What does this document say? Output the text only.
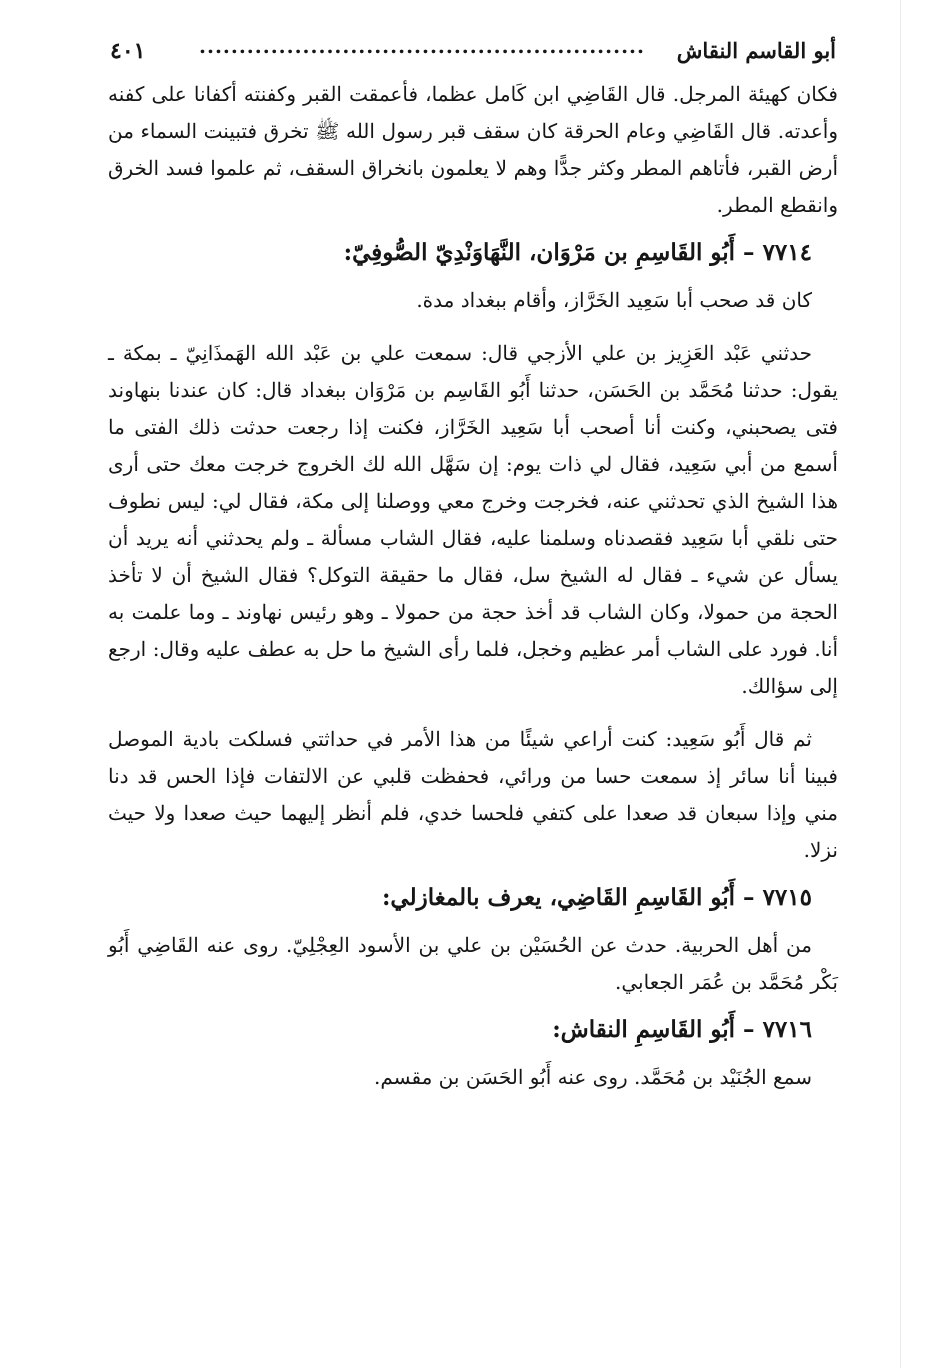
أبو القاسم النقاش
........................................................
٤٠١

فكان كهيئة المرجل. قال القَاضِي ابن كَامل عظما، فأعمقت القبر وكفنته أكفانا على كفنه وأعدته. قال القَاضِي وعام الحرقة كان سقف قبر رسول الله ﷺ تخرق فتبينت السماء من أرض القبر، فأتاهم المطر وكثر جدًّا وهم لا يعلمون بانخراق السقف، ثم علموا فسد الخرق وانقطع المطر.

٧٧١٤ – أَبُو القَاسِمِ بن مَرْوَان، النَّهَاوَنْدِيّ الصُّوفِيّ:

كان قد صحب أبا سَعِيد الخَرَّاز، وأقام ببغداد مدة.

حدثني عَبْد العَزِيز بن علي الأزجي قال: سمعت علي بن عَبْد الله الهَمذَانِيّ ـ بمكة ـ يقول: حدثنا مُحَمَّد بن الحَسَن، حدثنا أَبُو القَاسِم بن مَرْوَان ببغداد قال: كان عندنا بنهاوند فتى يصحبني، وكنت أنا أصحب أبا سَعِيد الخَرَّاز، فكنت إذا رجعت حدثت ذلك الفتى ما أسمع من أبي سَعِيد، فقال لي ذات يوم: إن سَهَّل الله لك الخروج خرجت معك حتى أرى هذا الشيخ الذي تحدثني عنه، فخرجت وخرج معي ووصلنا إلى مكة، فقال لي: ليس نطوف حتى نلقي أبا سَعِيد فقصدناه وسلمنا عليه، فقال الشاب مسألة ـ ولم يحدثني أنه يريد أن يسأل عن شيء ـ فقال له الشيخ سل، فقال ما حقيقة التوكل؟ فقال الشيخ أن لا تأخذ الحجة من حمولا، وكان الشاب قد أخذ حجة من حمولا ـ وهو رئيس نهاوند ـ وما علمت به أنا. فورد على الشاب أمر عظيم وخجل، فلما رأى الشيخ ما حل به عطف عليه وقال: ارجع إلى سؤالك.

ثم قال أَبُو سَعِيد: كنت أراعي شيئًا من هذا الأمر في حداثتي فسلكت بادية الموصل فبينا أنا سائر إذ سمعت حسا من ورائي، فحفظت قلبي عن الالتفات فإذا الحس قد دنا مني وإذا سبعان قد صعدا على كتفي فلحسا خدي، فلم أنظر إليهما حيث صعدا ولا حيث نزلا.

٧٧١٥ – أَبُو القَاسِمِ القَاضِي، يعرف بالمغازلي:

من أهل الحربية. حدث عن الحُسَيْن بن علي بن الأسود العِجْلِيّ. روى عنه القَاضِي أَبُو بَكْر مُحَمَّد بن عُمَر الجعابي.

٧٧١٦ – أَبُو القَاسِمِ النقاش:

سمع الجُنَيْد بن مُحَمَّد. روى عنه أَبُو الحَسَن بن مقسم.
